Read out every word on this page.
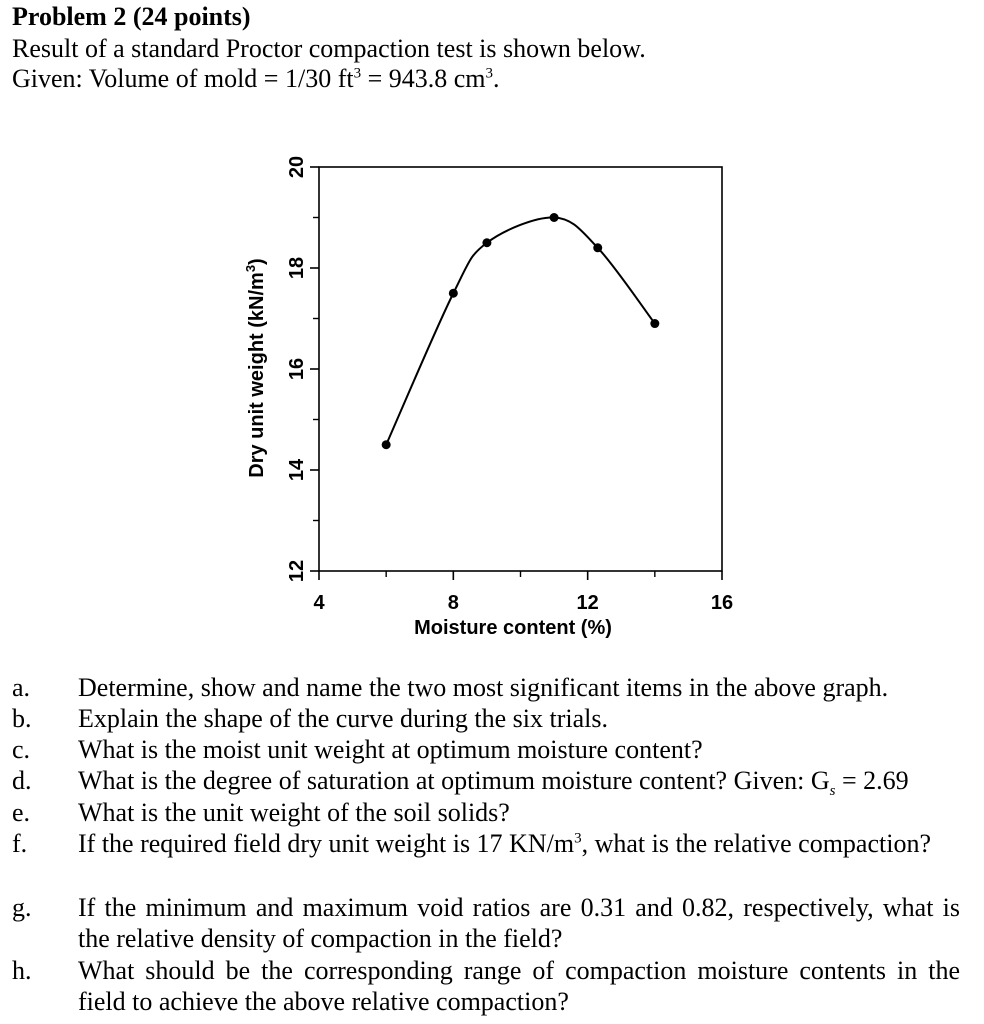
Problem 2 (24 points)
Result of a standard Proctor compaction test is shown below.
Given: Volume of mold = 1/30 $ft^3 = 943.8$ $cm^3$.
4	8	12	16
12
14
16
18
20
Moisture content (%)
Dry unit weight $(kN/m^3)$
a. Determine, show and name the two most significant items in the above graph.
b. Explain the shape of the curve during the six trials.
c. What is the moist unit weight at optimum moisture content?
d. What is the degree of saturation at optimum moisture content? Given: $G_s = 2.69$
e. What is the unit weight of the soil solids?
f. If the required field dry unit weight is 17 $KN/m^3$, what is the relative compaction?
g. If the minimum and maximum void ratios are 0.31 and 0.82, respectively, what is the relative density of compaction in the field?
h. What should be the corresponding range of compaction moisture contents in the field to achieve the above relative compaction?
